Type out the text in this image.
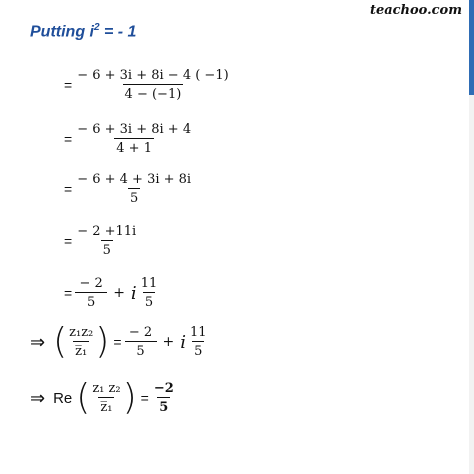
teachoo.com
Putting $i^2$ = - 1
= $\frac{- 6 + 3i + 8i - 4 ( -1)}{4 - (-1)}$
= $\frac{- 6 + 3i + 8i + 4}{4 + 1}$
= $\frac{- 6 + 4 + 3i + 8i}{5}$
= $\frac{- 2 +11i}{5}$
= $\frac{- 2}{5} + i \frac{11}{5}$
⇒ ( $\frac{\text{z₁z₂}}{\text{z̅₁}}$ ) = $\frac{- 2}{5} + i \frac{11}{5}$
⇒ Re ( $\frac{\text{z₁ z₂}}{\text{z̅₁}}$ ) = $\frac{-2}{5}$
